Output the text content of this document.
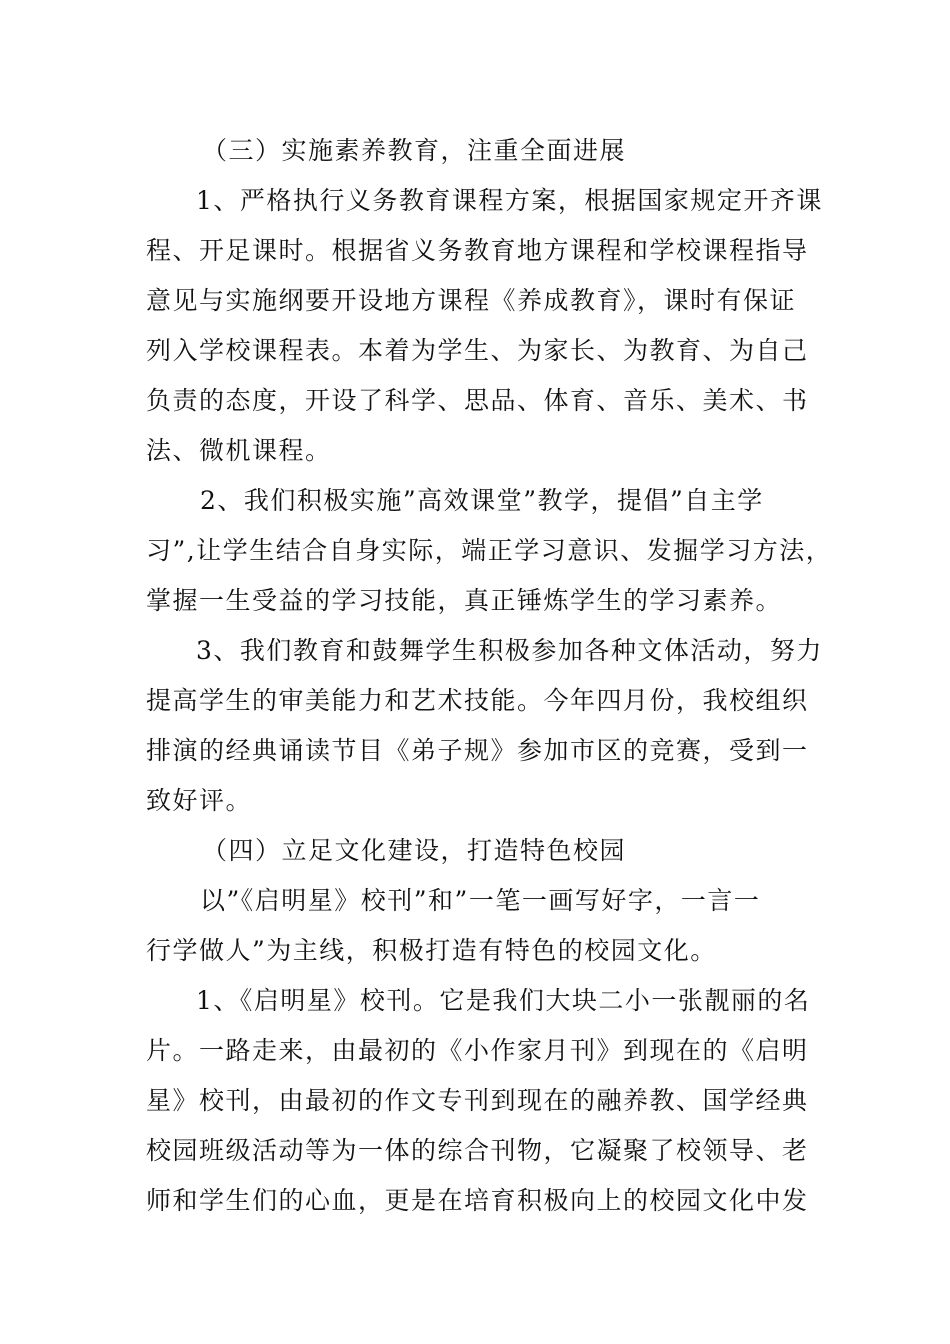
（三）实施素养教育，注重全面进展
1、严格执行义务教育课程方案，根据国家规定开齐课
程、开足课时。根据省义务教育地方课程和学校课程指导
意见与实施纲要开设地方课程《养成教育》，课时有保证
列入学校课程表。本着为学生、为家长、为教育、为自己
负责的态度，开设了科学、思品、体育、音乐、美术、书
法、微机课程。
2、我们积极实施”高效课堂”教学，提倡”自主学
习”,让学生结合自身实际，端正学习意识、发掘学习方法，
掌握一生受益的学习技能，真正锤炼学生的学习素养。
3、我们教育和鼓舞学生积极参加各种文体活动，努力
提高学生的审美能力和艺术技能。今年四月份，我校组织
排演的经典诵读节目《弟子规》参加市区的竞赛，受到一
致好评。
（四）立足文化建设，打造特色校园
以”《启明星》校刊”和”一笔一画写好字，一言一
行学做人”为主线，积极打造有特色的校园文化。
1、《启明星》校刊。它是我们大块二小一张靓丽的名
片。一路走来，由最初的《小作家月刊》到现在的《启明
星》校刊，由最初的作文专刊到现在的融养教、国学经典
校园班级活动等为一体的综合刊物，它凝聚了校领导、老
师和学生们的心血，更是在培育积极向上的校园文化中发
